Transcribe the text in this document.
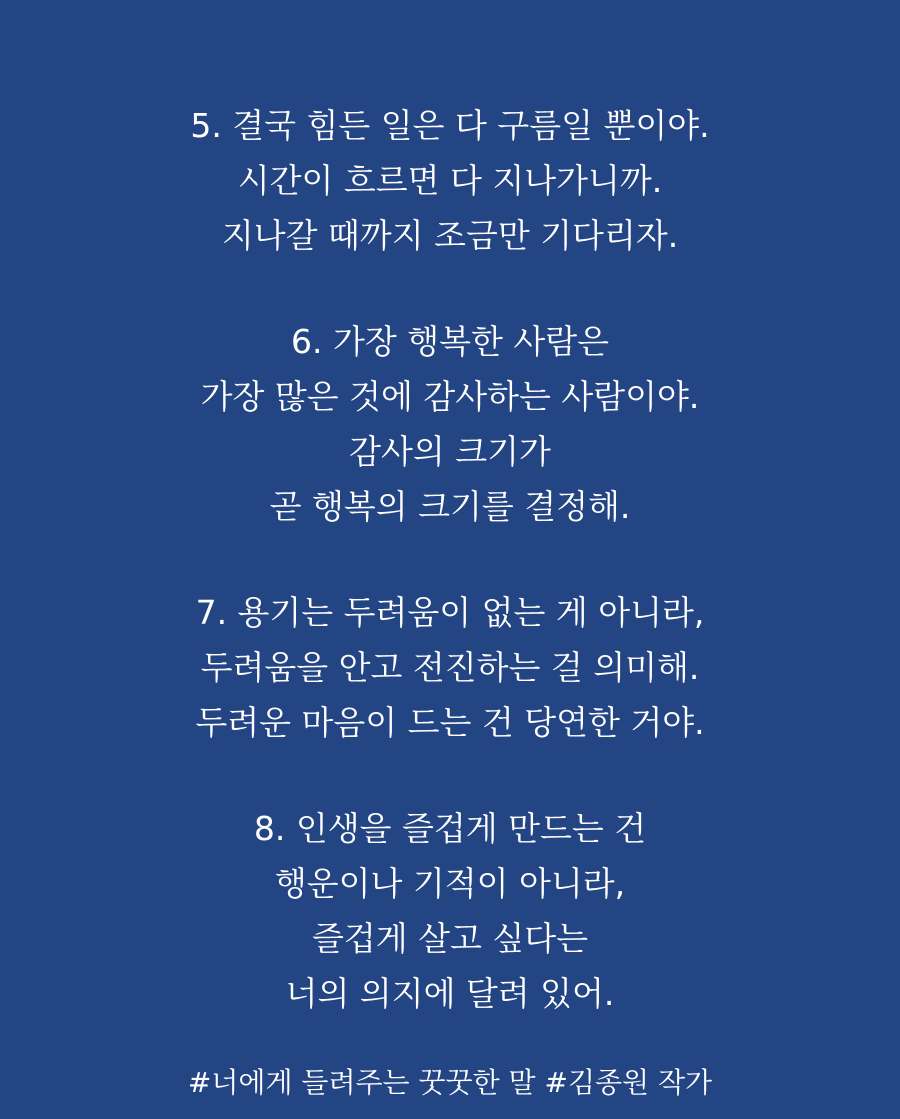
5. 결국 힘든 일은 다 구름일 뿐이야.
시간이 흐르면 다 지나가니까.
지나갈 때까지 조금만 기다리자.
6. 가장 행복한 사람은
가장 많은 것에 감사하는 사람이야.
감사의 크기가
곧 행복의 크기를 결정해.
7. 용기는 두려움이 없는 게 아니라,
두려움을 안고 전진하는 걸 의미해.
두려운 마음이 드는 건 당연한 거야.
8. 인생을 즐겁게 만드는 건
행운이나 기적이 아니라,
즐겁게 살고 싶다는
너의 의지에 달려 있어.
#너에게 들려주는 꿋꿋한 말 #김종원 작가
